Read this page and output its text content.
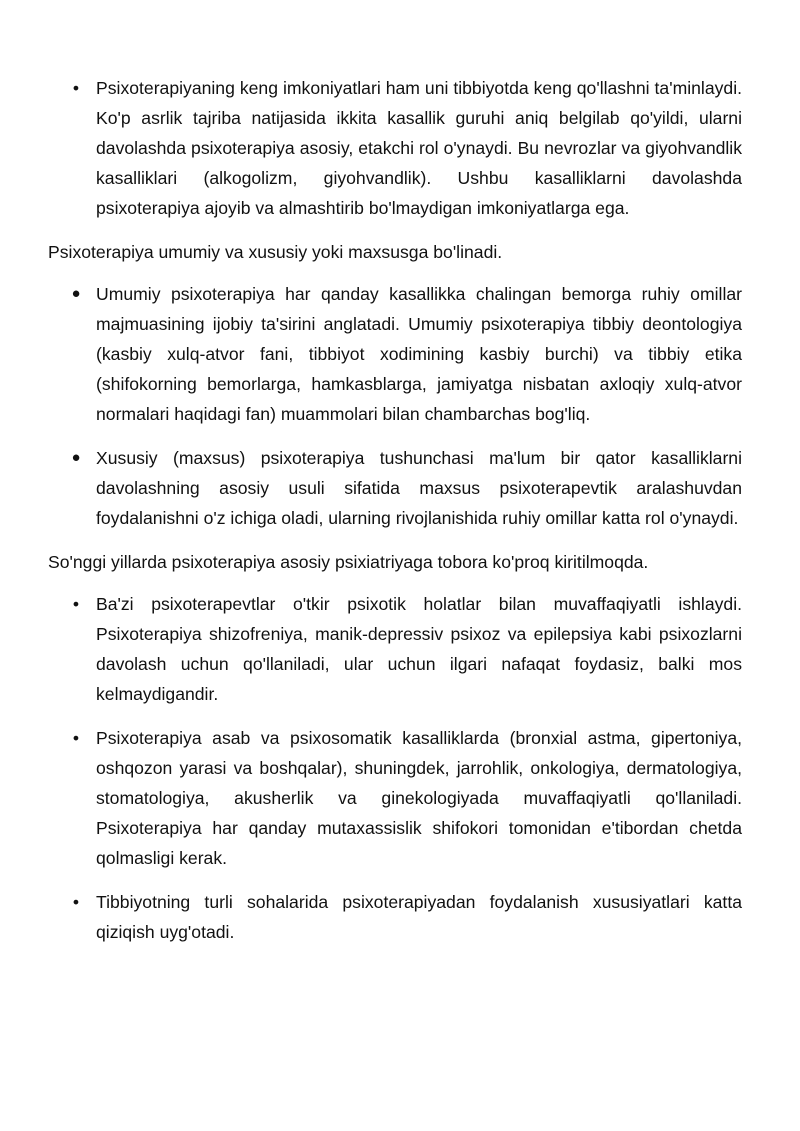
• Psixoterapiyaning keng imkoniyatlari ham uni tibbiyotda keng qo'llashni ta'minlaydi. Ko'p asrlik tajriba natijasida ikkita kasallik guruhi aniq belgilab qo'yildi, ularni davolashda psixoterapiya asosiy, etakchi rol o'ynaydi. Bu nevrozlar va giyohvandlik kasalliklari (alkogolizm, giyohvandlik). Ushbu kasalliklarni davolashda psixoterapiya ajoyib va almashtirib bo'lmaydigan imkoniyatlarga ega.

Psixoterapiya umumiy va xususiy yoki maxsusga bo'linadi.

● Umumiy psixoterapiya har qanday kasallikka chalingan bemorga ruhiy omillar majmuasining ijobiy ta'sirini anglatadi. Umumiy psixoterapiya tibbiy deontologiya (kasbiy xulq-atvor fani, tibbiyot xodimining kasbiy burchi) va tibbiy etika (shifokorning bemorlarga, hamkasblarga, jamiyatga nisbatan axloqiy xulq-atvor normalari haqidagi fan) muammolari bilan chambarchas bog'liq.
● Xususiy (maxsus) psixoterapiya tushunchasi ma'lum bir qator kasalliklarni davolashning asosiy usuli sifatida maxsus psixoterapevtik aralashuvdan foydalanishni o'z ichiga oladi, ularning rivojlanishida ruhiy omillar katta rol o'ynaydi.

So'nggi yillarda psixoterapiya asosiy psixiatriyaga tobora ko'proq kiritilmoqda.

• Ba'zi psixoterapevtlar o'tkir psixotik holatlar bilan muvaffaqiyatli ishlaydi. Psixoterapiya shizofreniya, manik-depressiv psixoz va epilepsiya kabi psixozlarni davolash uchun qo'llaniladi, ular uchun ilgari nafaqat foydasiz, balki mos kelmaydigandir.
• Psixoterapiya asab va psixosomatik kasalliklarda (bronxial astma, gipertoniya, oshqozon yarasi va boshqalar), shuningdek, jarrohlik, onkologiya, dermatologiya, stomatologiya, akusherlik va ginekologiyada muvaffaqiyatli qo'llaniladi. Psixoterapiya har qanday mutaxassislik shifokori tomonidan e'tibordan chetda qolmasligi kerak.
• Tibbiyotning turli sohalarida psixoterapiyadan foydalanish xususiyatlari katta qiziqish uyg'otadi.
